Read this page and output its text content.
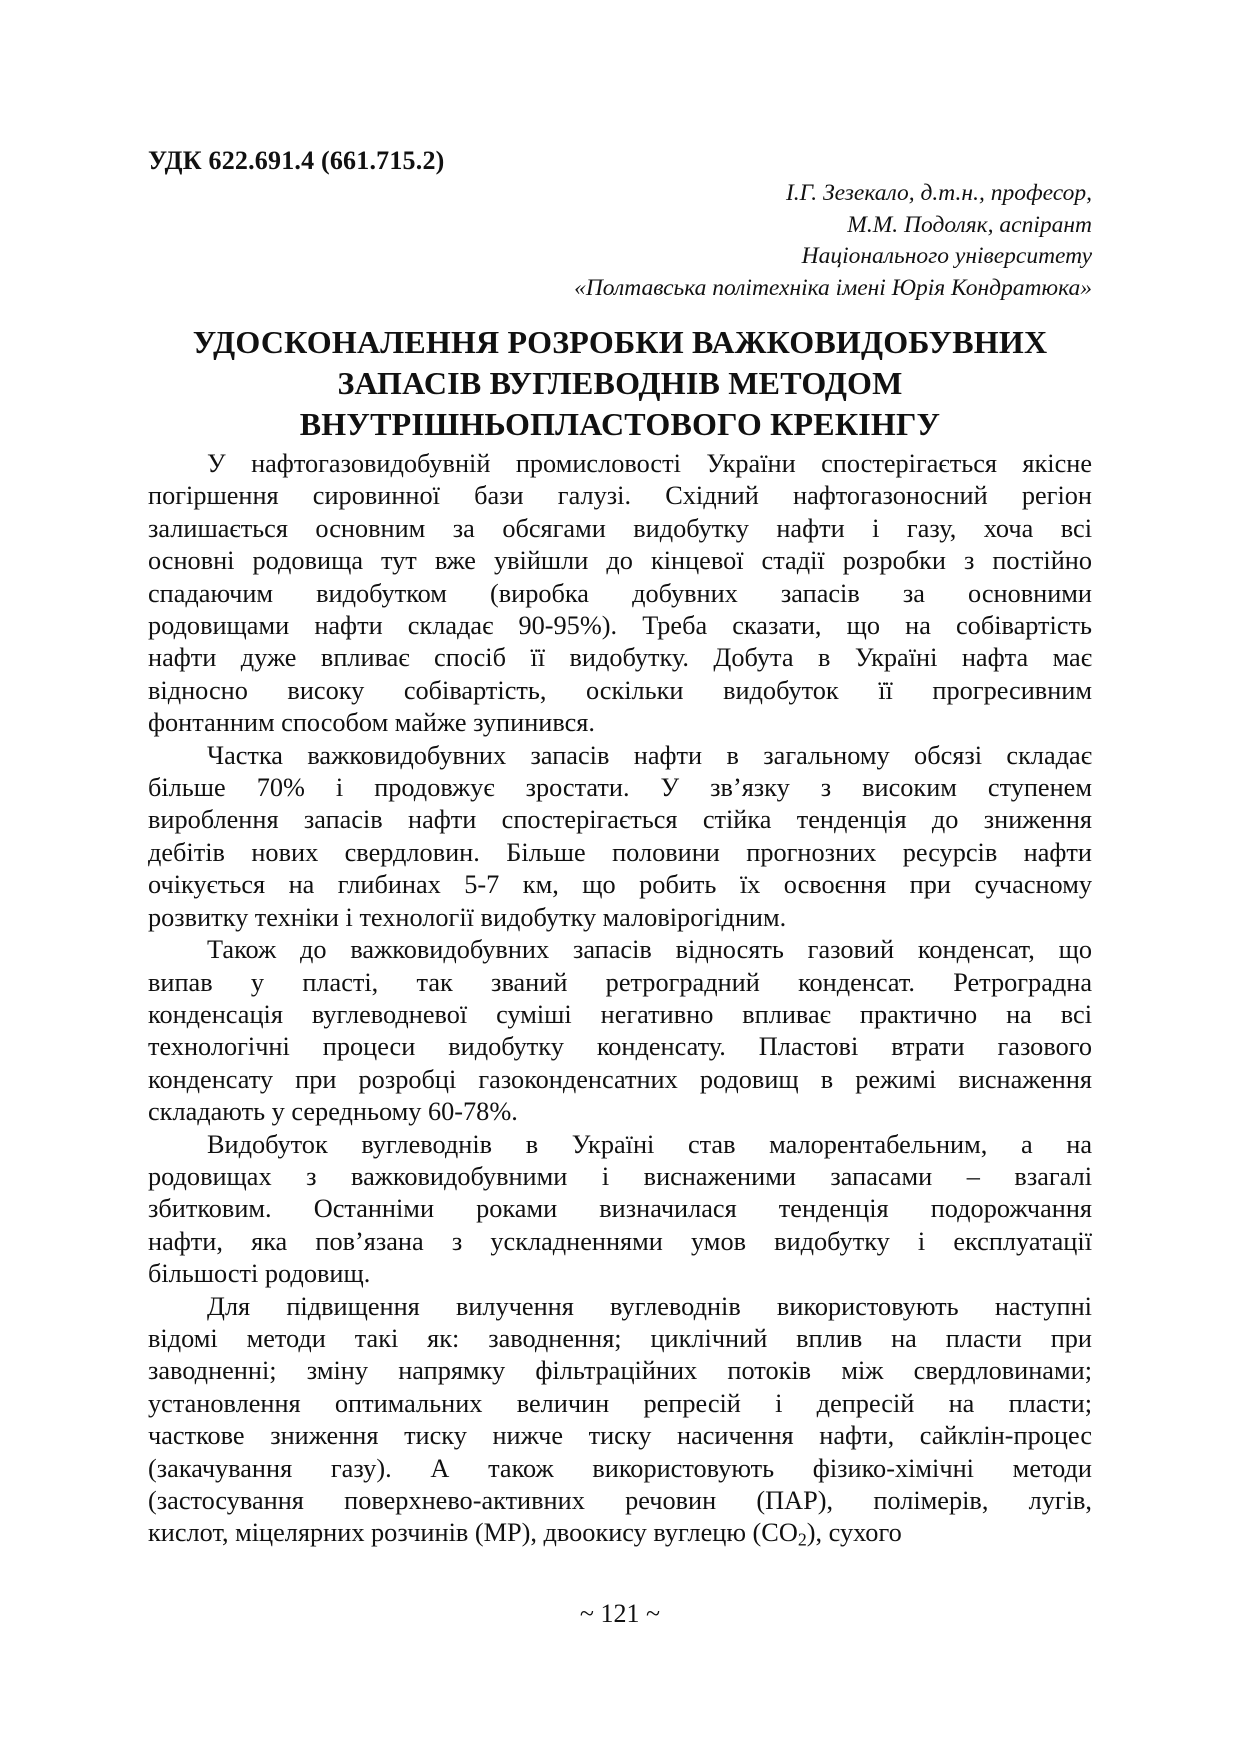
УДК 622.691.4 (661.715.2)
І.Г. Зезекало, д.т.н., професор,
М.М. Подоляк, аспірант
Національного університету
«Полтавська політехніка імені Юрія Кондратюка»
УДОСКОНАЛЕННЯ РОЗРОБКИ ВАЖКОВИДОБУВНИХ
ЗАПАСІВ ВУГЛЕВОДНІВ МЕТОДОМ
ВНУТРІШНЬОПЛАСТОВОГО КРЕКІНГУ
У нафтогазовидобувній промисловості України спостерігається якісне
погіршення сировинної бази галузі. Східний нафтогазоносний регіон
залишається основним за обсягами видобутку нафти і газу, хоча всі
основні родовища тут вже увійшли до кінцевої стадії розробки з постійно
спадаючим видобутком (виробка добувних запасів за основними
родовищами нафти складає 90-95%). Треба сказати, що на собівартість
нафти дуже впливає спосіб її видобутку. Добута в Україні нафта має
відносно високу собівартість, оскільки видобуток її прогресивним
фонтанним способом майже зупинився.
Частка важковидобувних запасів нафти в загальному обсязі складає
більше 70% і продовжує зростати. У зв’язку з високим ступенем
вироблення запасів нафти спостерігається стійка тенденція до зниження
дебітів нових свердловин. Більше половини прогнозних ресурсів нафти
очікується на глибинах 5-7 км, що робить їх освоєння при сучасному
розвитку техніки і технології видобутку маловірогідним.
Також до важковидобувних запасів відносять газовий конденсат, що
випав у пласті, так званий ретроградний конденсат. Ретроградна
конденсація вуглеводневої суміші негативно впливає практично на всі
технологічні процеси видобутку конденсату. Пластові втрати газового
конденсату при розробці газоконденсатних родовищ в режимі виснаження
складають у середньому 60-78%.
Видобуток вуглеводнів в Україні став малорентабельним, а на
родовищах з важковидобувними і виснаженими запасами – взагалі
збитковим. Останніми роками визначилася тенденція подорожчання
нафти, яка пов’язана з ускладненнями умов видобутку і експлуатації
більшості родовищ.
Для підвищення вилучення вуглеводнів використовують наступні
відомі методи такі як: заводнення; циклічний вплив на пласти при
заводненні; зміну напрямку фільтраційних потоків між свердловинами;
установлення оптимальних величин репресій і депресій на пласти;
часткове зниження тиску нижче тиску насичення нафти, сайклін-процес
(закачування газу). А також використовують фізико-хімічні методи
(застосування поверхнево-активних речовин (ПАР), полімерів, лугів,
кислот, міцелярних розчинів (МР), двоокису вуглецю $(CO_2)$, сухого
~ 121 ~
